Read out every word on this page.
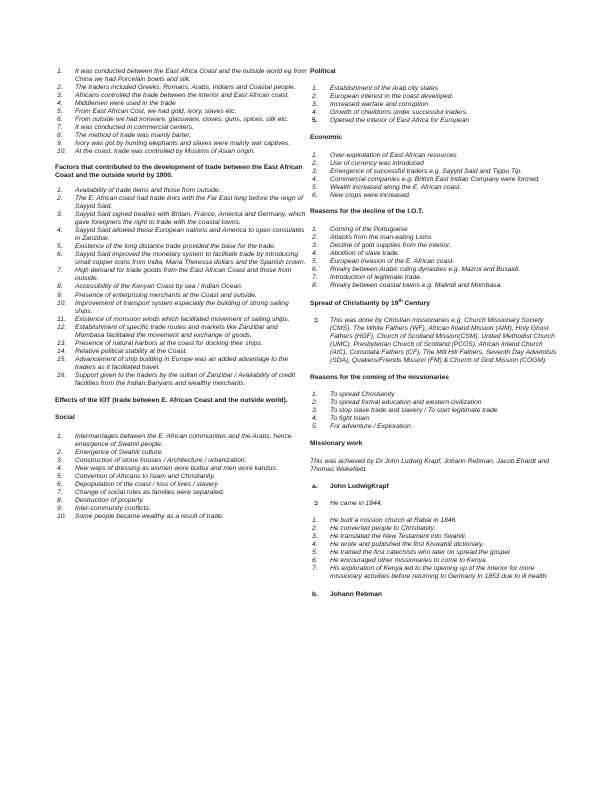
1. It was conducted between the East Africa Coast and the outside world eg from China we had Porcelain bowls and silk.
2. The traders included Greeks, Romans, Arabs, Indians and Coastal people.
3. Africans controlled the trade between the interior and East African coast.
4. Middlemen were used in the trade
5. From East African Cost, we had gold, ivory, slaves etc.
6. From outside we had ironware, glassware, cloves, guns, spices, silk etc.
7. It was conducted in commercial centers.
8. The method of trade was mainly barter.
9. Ivory was got by hunting elephants and slaves were mainly war captives.
10. At the coast, trade was controlled by Muslims of Asian origin.

Factors that contributed to the development of trade between the East African Coast and the outside world by 1900.

1. Availability of trade items and those from outside.
2. The E. African coast had trade links with the Far East long before the reign of Sayyid Said.
3. Sayyid Said signed treaties with Britain, France, America and Germany, which gave foreigners the right to trade with the coastal towns.
4. Sayyid Said allowed these European nations and America to open consulates in Zanzibar.
5. Existence of the long distance trade provided the base for the trade.
6. Sayyid Said improved the monetary system to facilitate trade by introducing small copper coins from India, Maria Theressa dollars and the Spanish crown.
7. High demand for trade goods from the East African Coast and those from outside.
8. Accessibility of the Kenyan Coast by sea / Indian Ocean.
9. Presence of enterprising merchants at the Coast and outside.
10. Improvement of transport system especially the building of strong sailing ships.
11. Existence of monsoon winds which facilitated movement of sailing ships.
12. Establishment of specific trade routes and markets like Zanzibar and Mombasa facilitated the movement and exchange of goods.
13. Presence of natural harbors at the coast for docking their ships.
14. Relative political stability at the Coast.
15. Advancement of ship building in Europe was an added advantage to the traders as it facilitated travel.
16. Support given to the traders by the sultan of Zanzibar / Availability of credit facilities from the Indian Banyans and wealthy merchants.

Effects of the IOT (trade between E. African Coast and the outside world).

Social

1. Intermarriages between the E. African communities and the Arabs, hence emergence of Swahili people.
2. Emergence of Swahili culture.
3. Construction of stone houses / Architecture / urbanization.
4. New ways of dressing as women wore buibui and men wore kanzus.
5. Convertion of Africans to Islam and Christianity.
6. Depopulation of the coast / loss of lives / slavery
7. Change of social roles as families were separated.
8. Destruction of property.
9. Inter-community conflicts.
10. Some people became wealthy as a result of trade.

Political

1. Establishment of the Arab city states
2. European interest in the coast developed.
3. Increased warfare and corruption
4. Growth of chiefdoms under successful traders.
5. Opened the interior of East Africa for European

Economic

1. Over-exploitation of East African resources
2. Use of currency was introduced
3. Emergence of successful traders e.g. Sayyid Said and Tippu Tip.
4. Commercial companies e.g. British East Indian Company were formed.
5. Wealth increased along the E. African coast.
6. New crops were increased.

Reasons for the decline of the I.O.T.

1. Coming of the Portuguese
2. Attacks from the man-eating Lions
3. Decline of gold supplies from the interior.
4. Abolition of slave trade.
5. European invasion of the E. African coast.
6. Rivalry between Arabic ruling dynasties e.g. Mazrui and Busaidi.
7. Introduction of legitimate trade.
8. Rivalry between coastal towns e.g. Malindi and Mombasa.

Spread of Christianity by 19th Century

➲ This was done by Christian missionaries e.g. Church Missionary Society (CMS). The White Fathers (WF), African Inland Mission (AIM), Holy Ghost Fathers (HGF), Church of Scotland Mission(CSM), United Methodist Church (UMC), Presbyterian Church of Scotland (PCOS), African Inland Church (AIC), Consolata Fathers (CF), The Mill Hill Fathers, Seventh Day Adventists (SDA), Quakers/Friends Mission (FM) & Church of God Mission (COGM).

Reasons for the coming of the missionaries

1. To spread Christianity
2. To spread formal education and western civilization
3. To stop slave trade and slavery / To start legitimate trade
4. To fight Islam
5. For adventure / Exploration.

Missionary work

This was achieved by Dr John Ludwig Krapf, Johann Rebman, Jacob Ehardt and Thomas Wekefield.

a. John LudwigKrapf
➲ He came in 1844.
1. He built a mission church at Rabai in 1846.
2. He converted people to Christianity.
3. He translated the New Testament into Swahili.
4. He wrote and published the first Kiswahili dictionary.
5. He trained the first catechists who later on spread the gospel.
6. He encouraged other missionaries to come to Kenya.
7. His exploration of Kenya led to the opening up of the interior for more missionary activities before returning to Germany In 1853 due to ill health.
b. Johann Rebman
